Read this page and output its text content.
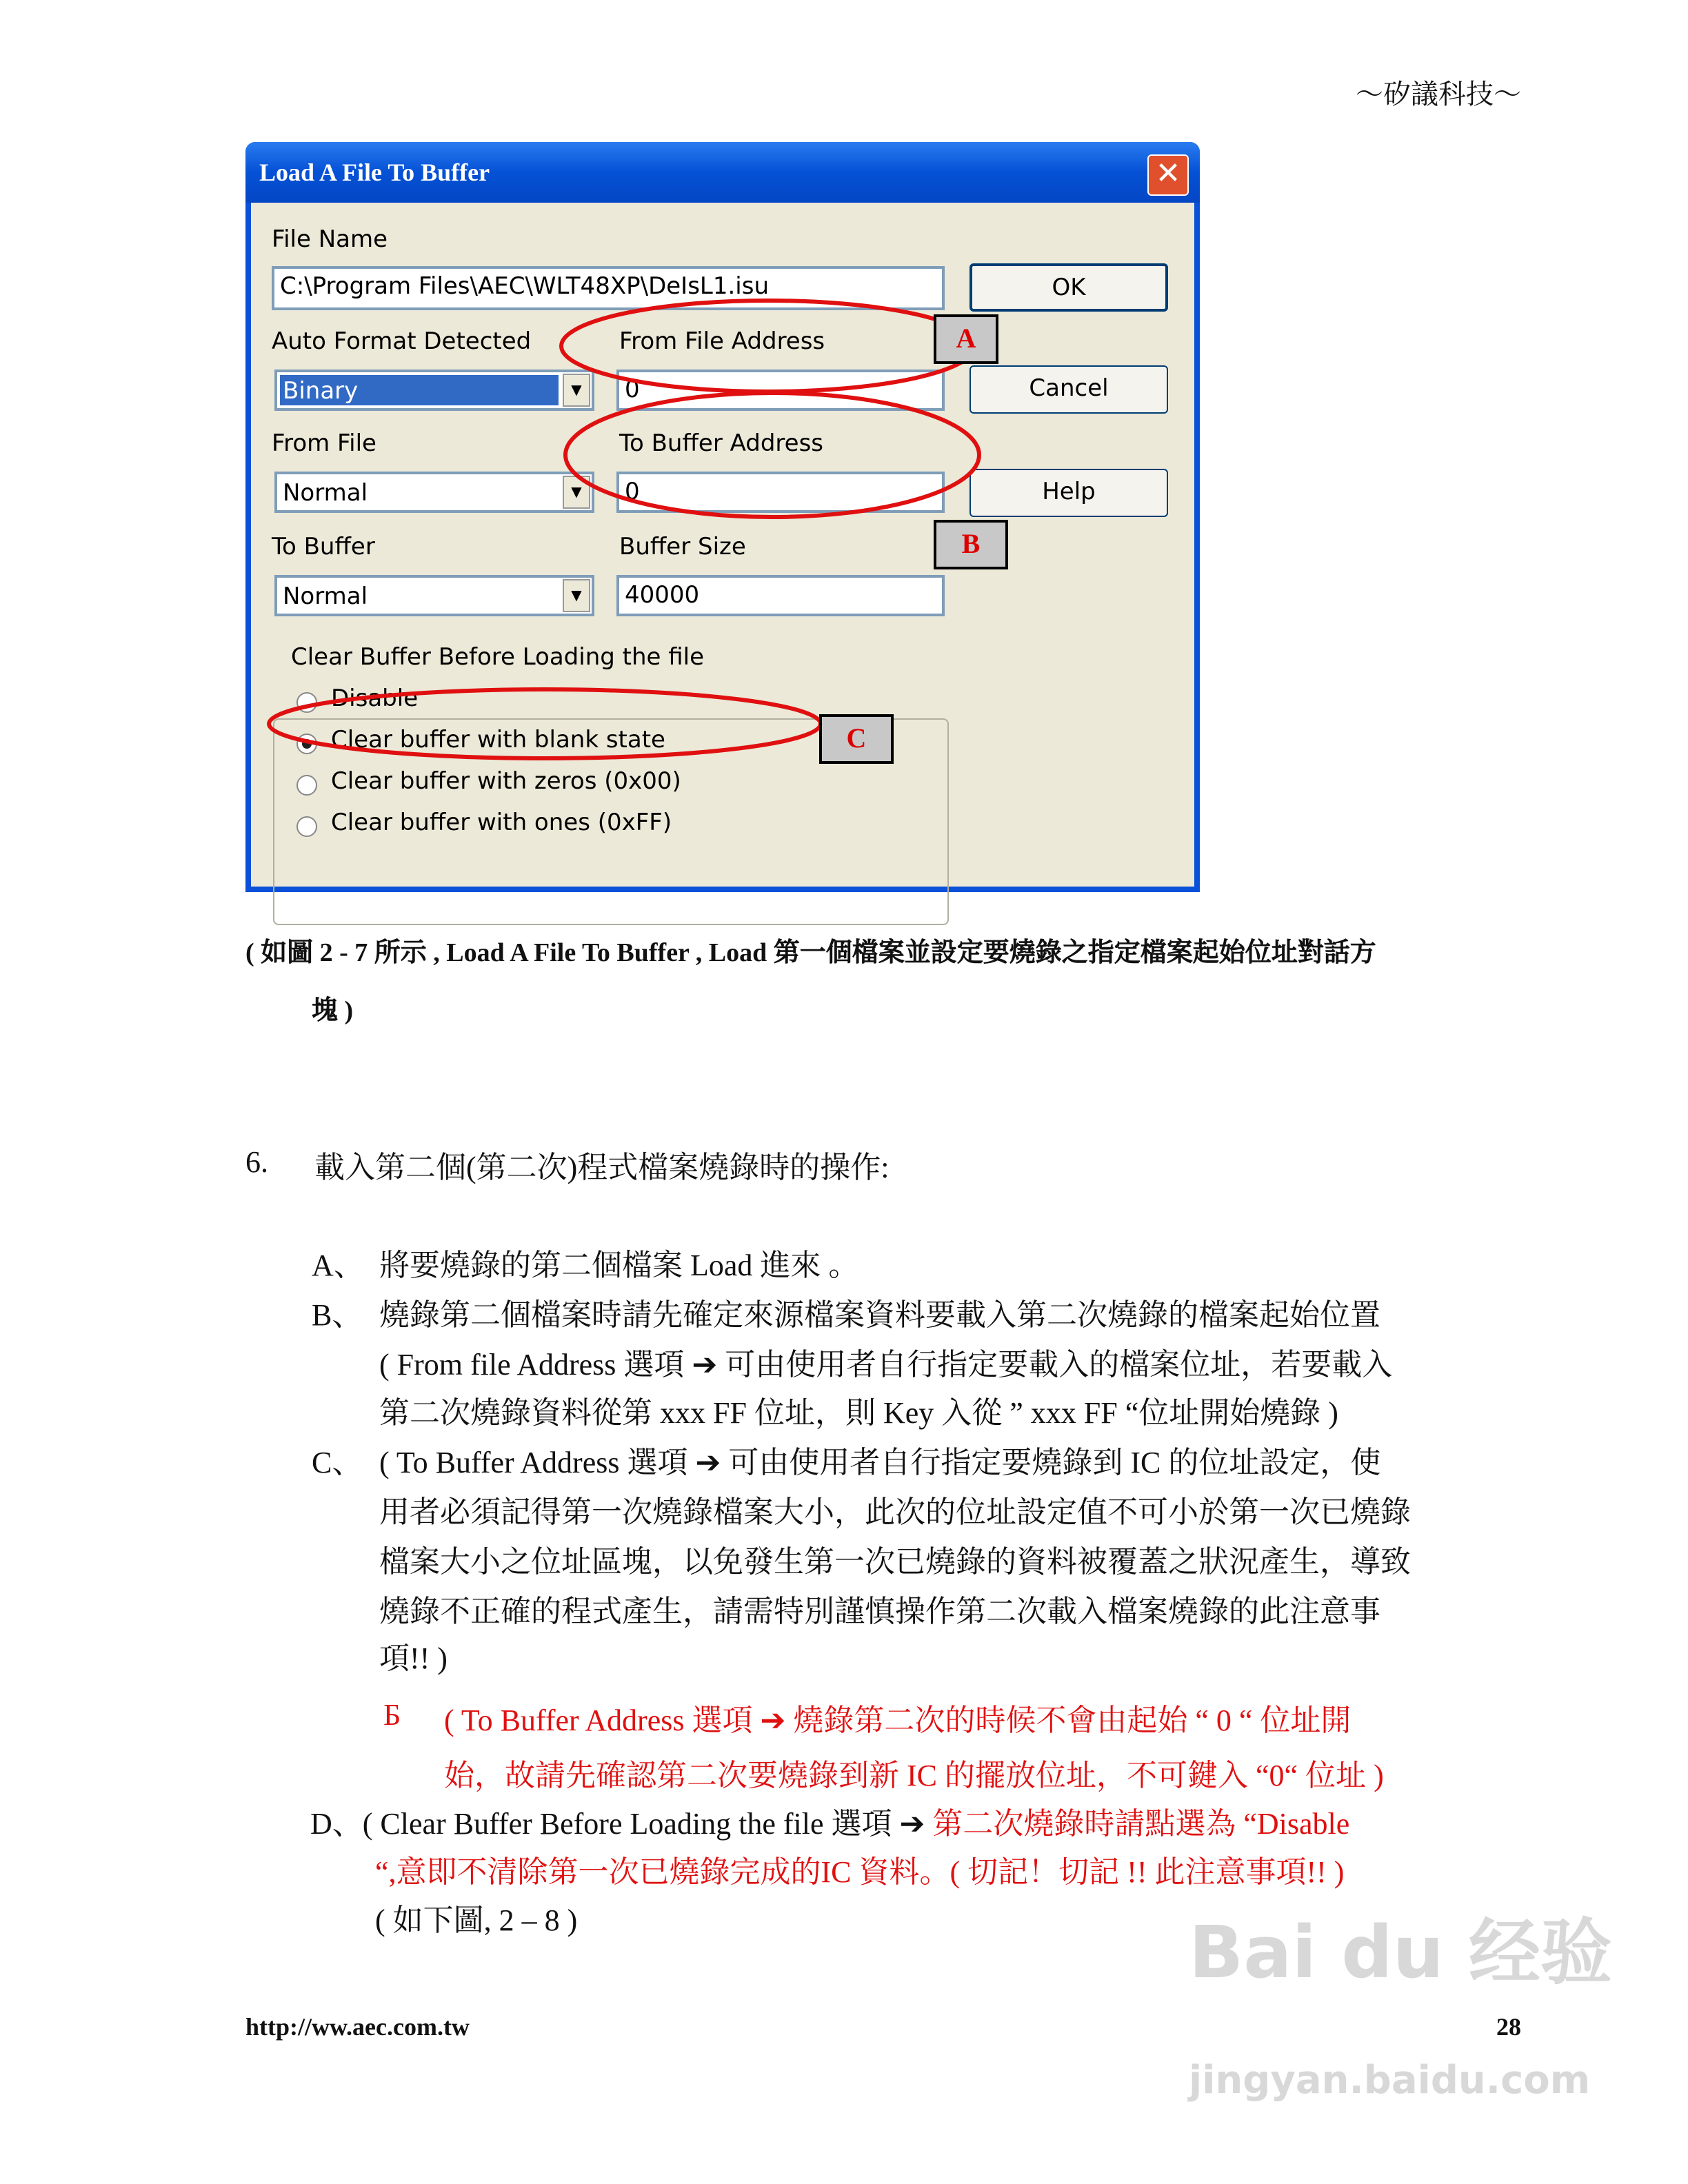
～矽議科技～
Load A File To Buffer	✕
File Name
C:\Program Files\AEC\WLT48XP\DeIsL1.isu	OK
Auto Format Detected	From File Address
Binary	▼	0	Cancel
From File	To Buffer Address
Normal	▼	0	Help
To Buffer	Buffer Size
Normal	▼	40000
Clear Buffer Before Loading the file
Disable
Clear buffer with blank state
Clear buffer with zeros (0x00)
Clear buffer with ones (0xFF)
A
B
C
( 如圖 2 - 7 所示 , Load A File To Buffer , Load 第一個檔案並設定要燒錄之指定檔案起始位址對話方
塊 )
6.	載入第二個(第二次)程式檔案燒錄時的操作:
A、 將要燒錄的第二個檔案 Load 進來 。
B、 燒錄第二個檔案時請先確定來源檔案資料要載入第二次燒錄的檔案起始位置
( From file Address 選項 ➔ 可由使用者自行指定要載入的檔案位址，若要載入
第二次燒錄資料從第 xxx FF 位址，則 Key 入從 ” xxx FF “位址開始燒錄 )
C、 ( To Buffer Address 選項 ➔ 可由使用者自行指定要燒錄到 IC 的位址設定，使
用者必須記得第一次燒錄檔案大小，此次的位址設定值不可小於第一次已燒錄
檔案大小之位址區塊，以免發生第一次已燒錄的資料被覆蓋之狀況產生，導致
燒錄不正確的程式產生，請需特別謹慎操作第二次載入檔案燒錄的此注意事
項!! )
Б	( To Buffer Address 選項 ➔ 燒錄第二次的時候不會由起始 “ 0 “ 位址開
始，故請先確認第二次要燒錄到新 IC 的擺放位址，不可鍵入 “0“ 位址 )
D、( Clear Buffer Before Loading the file 選項 ➔ 第二次燒錄時請點選為 “Disable
“,意即不清除第一次已燒錄完成的IC 資料。( 切記！切記 !! 此注意事項!! )
( 如下圖, 2 – 8 )
http://ww.aec.com.tw	28
Bai du 经验
jingyan.baidu.com
